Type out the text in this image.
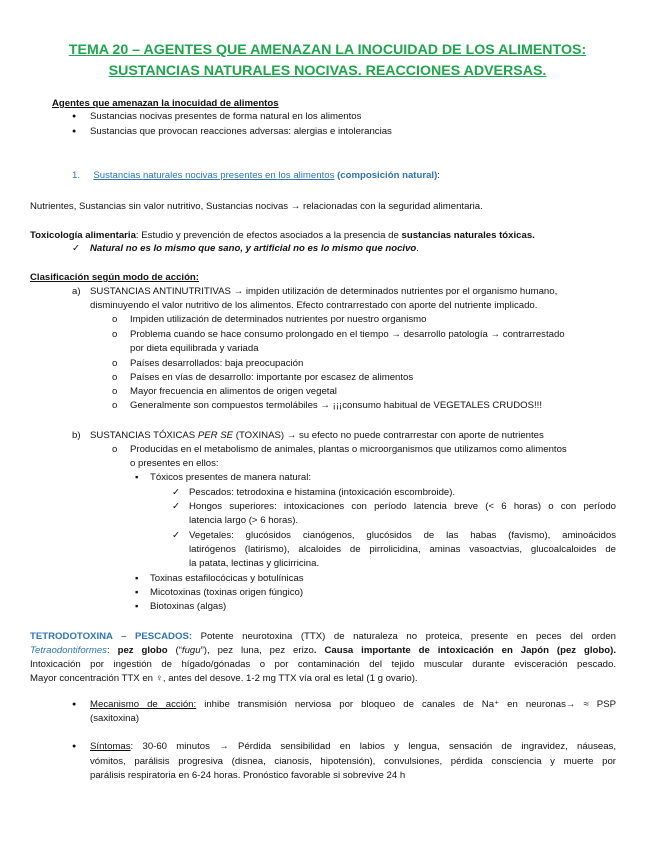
TEMA 20 – AGENTES QUE AMENAZAN LA INOCUIDAD DE LOS ALIMENTOS:
SUSTANCIAS NATURALES NOCIVAS. REACCIONES ADVERSAS.
Agentes que amenazan la inocuidad de alimentos
● Sustancias nocivas presentes de forma natural en los alimentos
● Sustancias que provocan reacciones adversas: alergias e intolerancias
1. Sustancias naturales nocivas presentes en los alimentos (composición natural):
Nutrientes, Sustancias sin valor nutritivo, Sustancias nocivas → relacionadas con la seguridad alimentaria.
Toxicología alimentaria: Estudio y prevención de efectos asociados a la presencia de sustancias naturales tóxicas.
✓ Natural no es lo mismo que sano, y artificial no es lo mismo que nocivo.
Clasificación según modo de acción:
a) SUSTANCIAS ANTINUTRITIVAS → impiden utilización de determinados nutrientes por el organismo humano,
disminuyendo el valor nutritivo de los alimentos. Efecto contrarrestado con aporte del nutriente implicado.
o Impiden utilización de determinados nutrientes por nuestro organismo
o Problema cuando se hace consumo prolongado en el tiempo → desarrollo patología → contrarrestado
por dieta equilibrada y variada
o Países desarrollados: baja preocupación
o Países en vías de desarrollo: importante por escasez de alimentos
o Mayor frecuencia en alimentos de origen vegetal
o Generalmente son compuestos termolábiles → ¡¡¡consumo habitual de VEGETALES CRUDOS!!!
b) SUSTANCIAS TÓXICAS PER SE (TOXINAS) → su efecto no puede contrarrestar con aporte de nutrientes
o Producidas en el metabolismo de animales, plantas o microorganismos que utilizamos como alimentos
o presentes en ellos:
▪ Tóxicos presentes de manera natural:
✓ Pescados: tetrodoxina e histamina (intoxicación escombroide).
✓ Hongos superiores: intoxicaciones con período latencia breve (< 6 horas) o con período
latencia largo (> 6 horas).
✓ Vegetales: glucósidos cianógenos, glucósidos de las habas (favismo), aminoácidos
latirógenos (latirismo), alcaloides de pirrolicidina, aminas vasoactvias, glucoalcaloides de
la patata, lectinas y glicirricina.
▪ Toxinas estafilocócicas y botulínicas
▪ Micotoxinas (toxinas origen fúngico)
▪ Biotoxinas (algas)
TETRODOTOXINA – PESCADOS: Potente neurotoxina (TTX) de naturaleza no proteica, presente en peces del orden
Tetraodontiformes: pez globo (“fugu”), pez luna, pez erizo. Causa importante de intoxicación en Japón (pez globo).
Intoxicación por ingestión de hígado/gónadas o por contaminación del tejido muscular durante evisceración pescado.
Mayor concentración TTX en ♀, antes del desove. 1-2 mg TTX vía oral es letal (1 g ovario).
● Mecanismo de acción: inhibe transmisión nerviosa por bloqueo de canales de Na⁺ en neuronas→ ≈ PSP
(saxitoxina)
● Síntomas: 30-60 minutos → Pérdida sensibilidad en labios y lengua, sensación de ingravidez, náuseas,
vómitos, parálisis progresiva (disnea, cianosis, hipotensión), convulsiones, pérdida consciencia y muerte por
parálisis respiratoria en 6-24 horas. Pronóstico favorable si sobrevive 24 h
